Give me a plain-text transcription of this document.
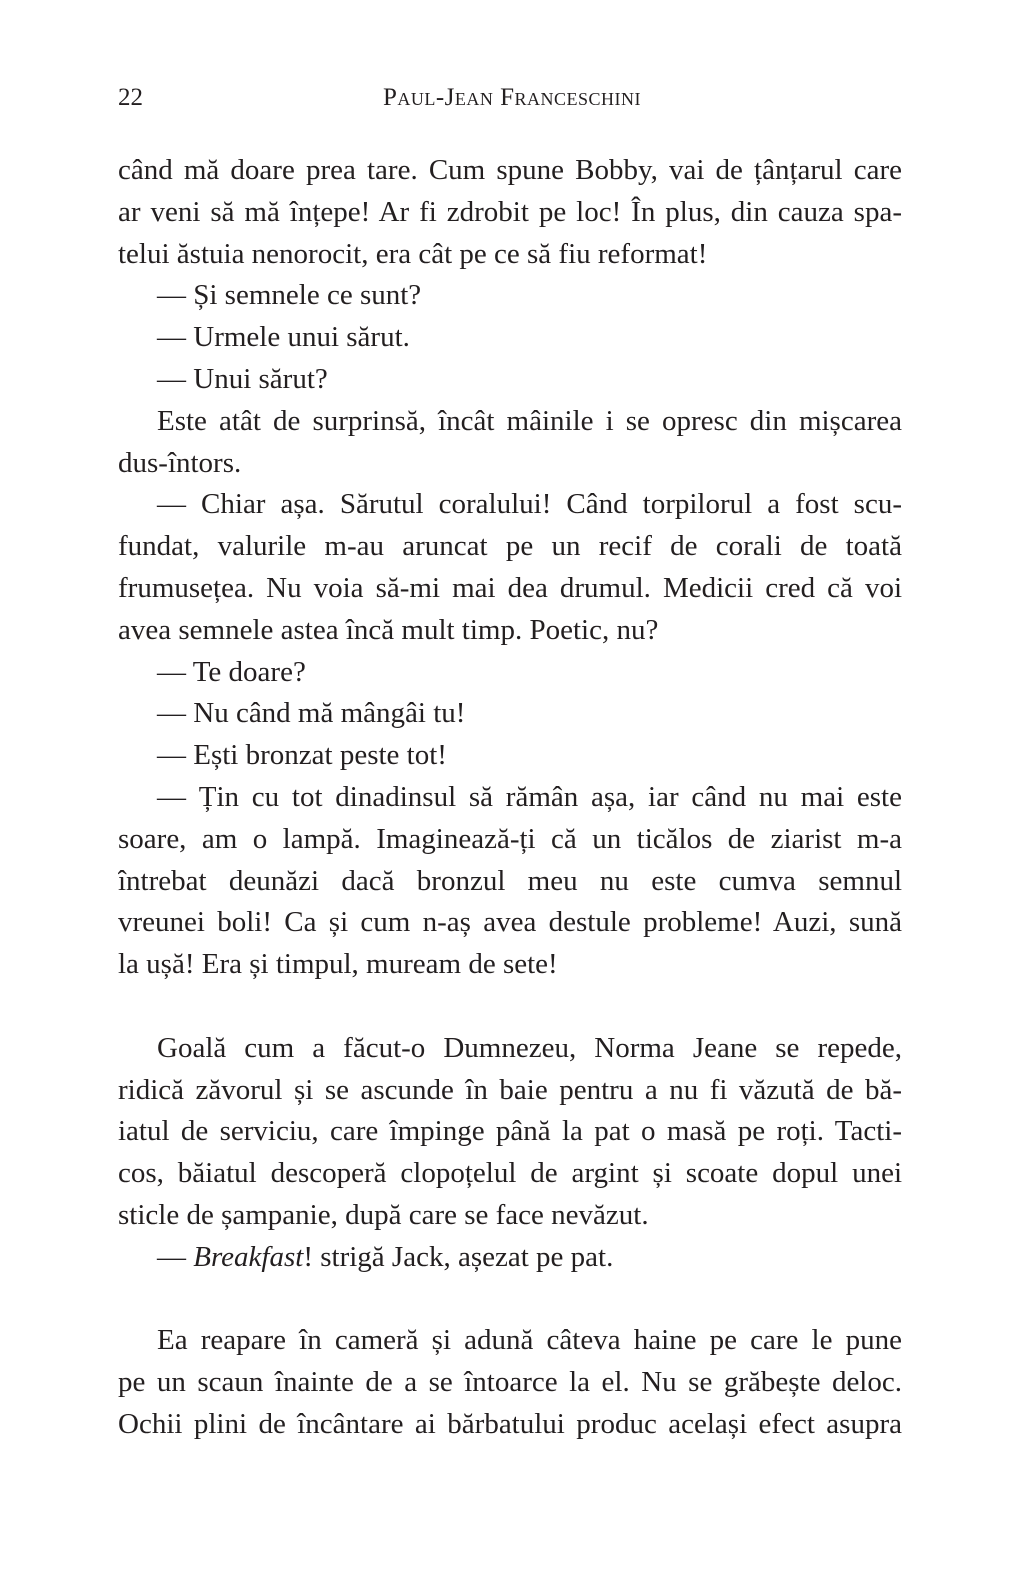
22	Paul-Jean Franceschini
când mă doare prea tare. Cum spune Bobby, vai de țânțarul care
ar veni să mă înțepe! Ar fi zdrobit pe loc! În plus, din cauza spa-
telui ăstuia nenorocit, era cât pe ce să fiu reformat!
— Și semnele ce sunt?
— Urmele unui sărut.
— Unui sărut?
Este atât de surprinsă, încât mâinile i se opresc din mișcarea
dus-întors.
— Chiar așa. Sărutul coralului! Când torpilorul a fost scu-
fundat, valurile m-au aruncat pe un recif de corali de toată
frumusețea. Nu voia să-mi mai dea drumul. Medicii cred că voi
avea semnele astea încă mult timp. Poetic, nu?
— Te doare?
— Nu când mă mângâi tu!
— Ești bronzat peste tot!
— Țin cu tot dinadinsul să rămân așa, iar când nu mai este
soare, am o lampă. Imaginează-ți că un ticălos de ziarist m-a
întrebat deunăzi dacă bronzul meu nu este cumva semnul
vreunei boli! Ca și cum n-aș avea destule probleme! Auzi, sună
la ușă! Era și timpul, muream de sete!
Goală cum a făcut-o Dumnezeu, Norma Jeane se repede,
ridică zăvorul și se ascunde în baie pentru a nu fi văzută de bă-
iatul de serviciu, care împinge până la pat o masă pe roți. Tacti-
cos, băiatul descoperă clopoțelul de argint și scoate dopul unei
sticle de șampanie, după care se face nevăzut.
— Breakfast! strigă Jack, așezat pe pat.
Ea reapare în cameră și adună câteva haine pe care le pune
pe un scaun înainte de a se întoarce la el. Nu se grăbește deloc.
Ochii plini de încântare ai bărbatului produc același efect asupra
